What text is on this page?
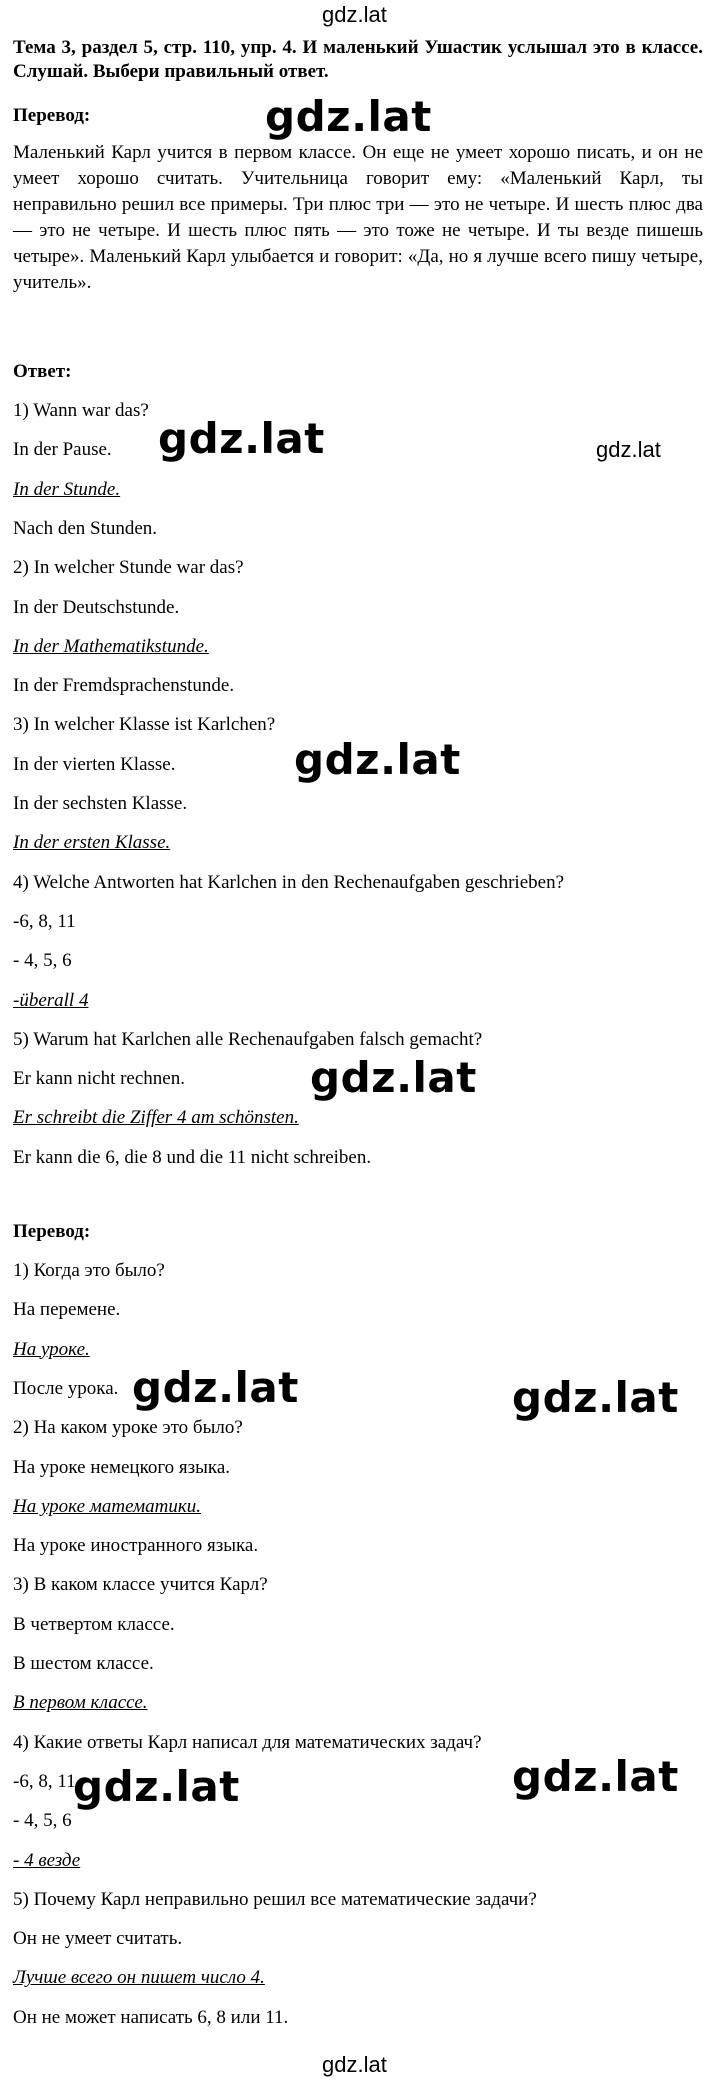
gdz.lat
Тема 3, раздел 5, стр. 110, упр. 4. И маленький Ушастик услышал это в классе. Слушай. Выбери правильный ответ.
Перевод:
Маленький Карл учится в первом классе. Он еще не умеет хорошо писать, и он не умеет хорошо считать. Учительница говорит ему: «Маленький Карл, ты неправильно решил все примеры. Три плюс три — это не четыре. И шесть плюс два — это не четыре. И шесть плюс пять — это тоже не четыре. И ты везде пишешь четыре». Маленький Карл улыбается и говорит: «Да, но я лучше всего пишу четыре, учитель».
Ответ:
1) Wann war das?
In der Pause.
In der Stunde.
Nach den Stunden.
2) In welcher Stunde war das?
In der Deutschstunde.
In der Mathematikstunde.
In der Fremdsprachenstunde.
3) In welcher Klasse ist Karlchen?
In der vierten Klasse.
In der sechsten Klasse.
In der ersten Klasse.
4) Welche Antworten hat Karlchen in den Rechenaufgaben geschrieben?
-6, 8, 11
- 4, 5, 6
-überall 4
5) Warum hat Karlchen alle Rechenaufgaben falsch gemacht?
Er kann nicht rechnen.
Er schreibt die Ziffer 4 am schönsten.
Er kann die 6, die 8 und die 11 nicht schreiben.
Перевод:
1) Когда это было?
На перемене.
На уроке.
После урока.
2) На каком уроке это было?
На уроке немецкого языка.
На уроке математики.
На уроке иностранного языка.
3) В каком классе учится Карл?
В четвертом классе.
В шестом классе.
В первом классе.
4) Какие ответы Карл написал для математических задач?
-6, 8, 11
- 4, 5, 6
- 4 везде
5) Почему Карл неправильно решил все математические задачи?
Он не умеет считать.
Лучше всего он пишет число 4.
Он не может написать 6, 8 или 11.
gdz.lat
gdz.lat	gdz.lat
gdz.lat
gdz.lat
gdz.lat	gdz.lat
gdz.lat	gdz.lat
gdz.lat
